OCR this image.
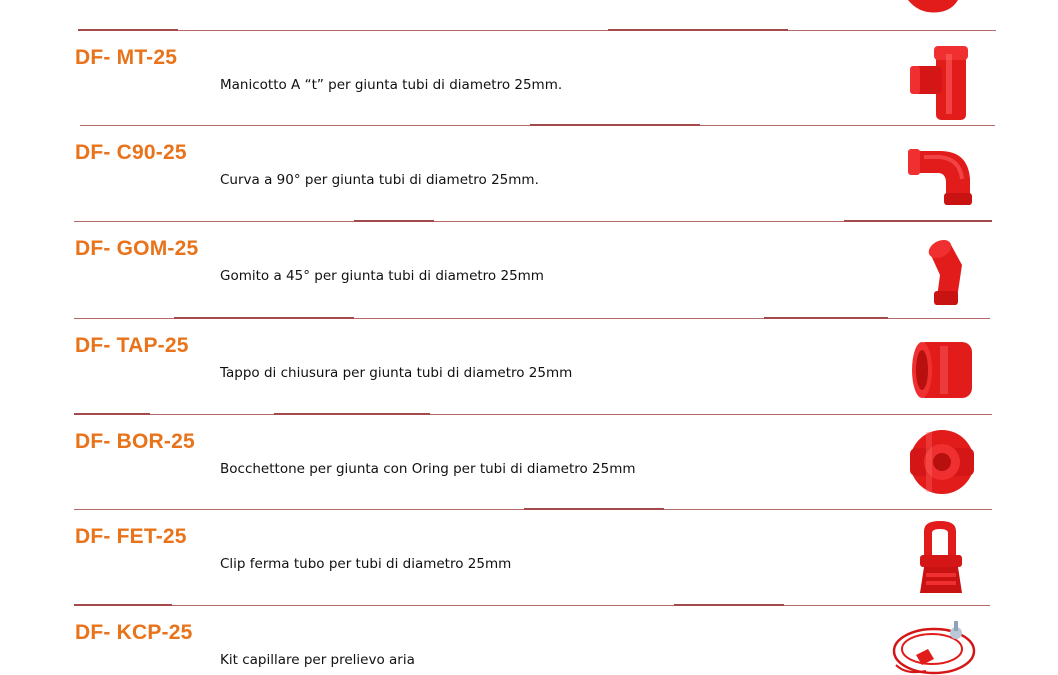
DF- MT-25
Manicotto A “t” per giunta tubi di diametro 25mm.
DF- C90-25
Curva a 90° per giunta tubi di diametro 25mm.
DF- GOM-25
Gomito a 45° per giunta tubi di diametro 25mm
DF- TAP-25
Tappo di chiusura per giunta tubi di diametro 25mm
DF- BOR-25
Bocchettone per giunta con Oring per tubi di diametro 25mm
DF- FET-25
Clip ferma tubo per tubi di diametro 25mm
DF- KCP-25
Kit capillare per prelievo aria
